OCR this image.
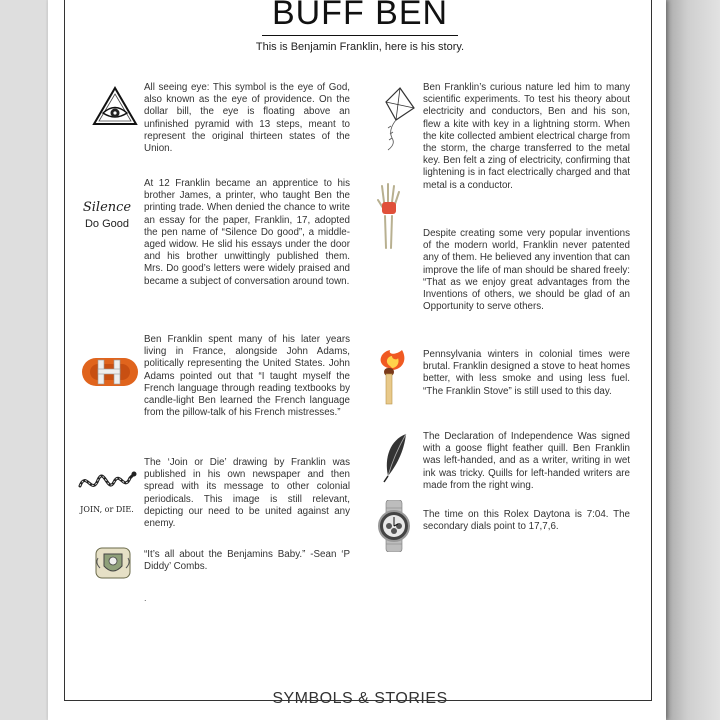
BUFF BEN
This is Benjamin Franklin, here is his story.

All seeing eye: This symbol is the eye of God, also known as the eye of providence. On the dollar bill, the eye is floating above an unfinished pyramid with 13 steps, meant to represent the original thirteen states of the Union.

Silence
Do Good

At 12 Franklin became an apprentice to his brother James, a printer, who taught Ben the printing trade. When denied the chance to write an essay for the paper, Franklin, 17, adopted the pen name of “Silence Do good”, a middle-aged widow. He slid his essays under the door and his brother unwittingly published them. Mrs. Do good’s letters were widely praised and became a subject of conversation around town.

Ben Franklin spent many of his later years living in France, alongside John Adams, politically representing the United States. John Adams pointed out that “I taught myself the French language through reading textbooks by candle-light Ben learned the French language from the pillow-talk of his French mistresses.”

JOIN, or DIE.

The ‘Join or Die’ drawing by Franklin was published in his own newspaper and then spread with its message to other colonial periodicals. This image is still relevant, depicting our need to be united against any enemy.

“It’s all about the Benjamins Baby.” -Sean ‘P Diddy’ Combs.

.

Ben Franklin’s curious nature led him to many scientific experiments. To test his theory about electricity and conductors, Ben and his son, flew a kite with key in a lightning storm. When the kite collected ambient electrical charge from the storm, the charge transferred to the metal key. Ben felt a zing of electricity, confirming that lightening is in fact electrically charged and that metal is a conductor.

Despite creating some very popular inventions of the modern world, Franklin never patented any of them. He believed any invention that can improve the life of man should be shared freely: “That as we enjoy great advantages from the Inventions of others, we should be glad of an Opportunity to serve others.

Pennsylvania winters in colonial times were brutal. Franklin designed a stove to heat homes better, with less smoke and using less fuel. “The Franklin Stove” is still used to this day.

The Declaration of Independence Was signed with a goose flight feather quill. Ben Franklin was left-handed, and as a writer, writing in wet ink was tricky. Quills for left-handed writers are made from the right wing.

The time on this Rolex Daytona is 7:04. The secondary dials point to 17,7,6.

SYMBOLS & STORIES
